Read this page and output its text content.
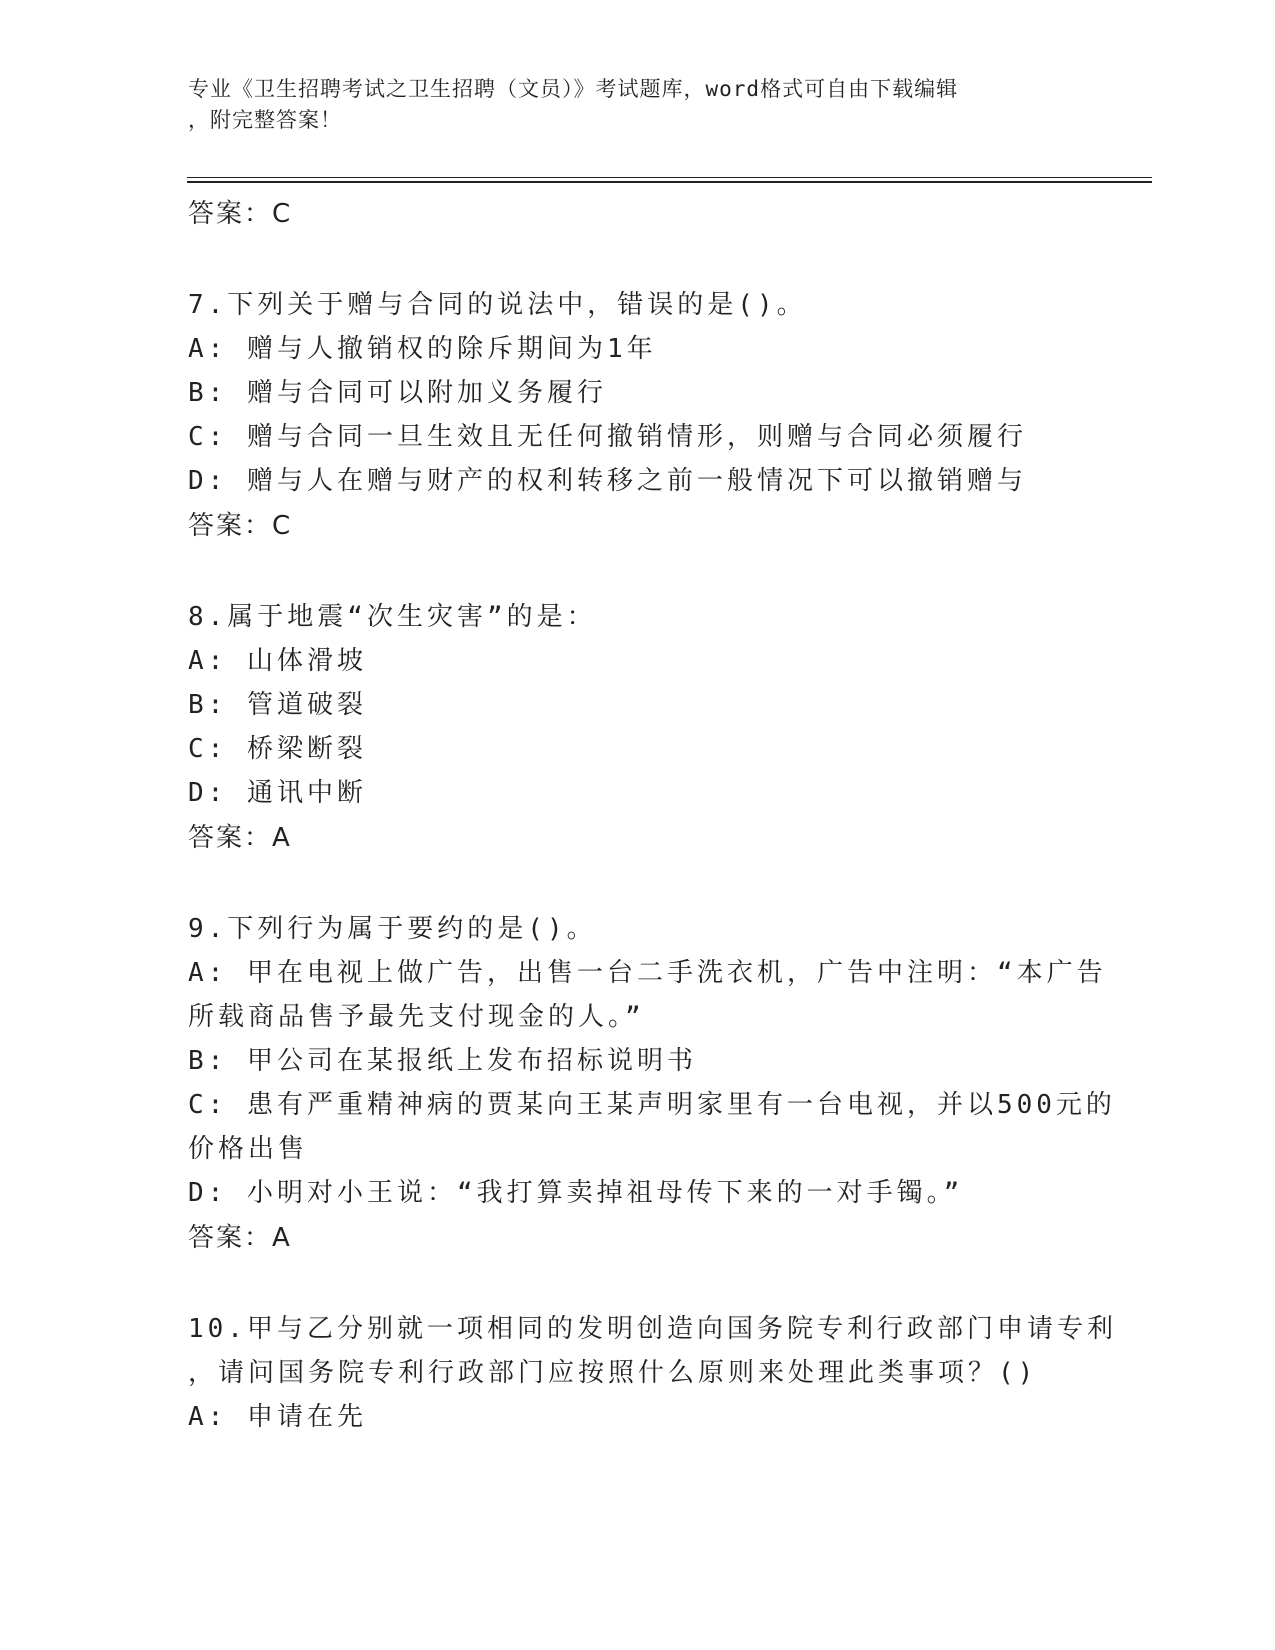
专业《卫生招聘考试之卫生招聘（文员）》考试题库，word格式可自由下载编辑
，附完整答案！
答案：C
7.下列关于赠与合同的说法中，错误的是()。
A: 赠与人撤销权的除斥期间为1年
B: 赠与合同可以附加义务履行
C: 赠与合同一旦生效且无任何撤销情形，则赠与合同必须履行
D: 赠与人在赠与财产的权利转移之前一般情况下可以撤销赠与
答案：C
8.属于地震“次生灾害”的是：
A: 山体滑坡
B: 管道破裂
C: 桥梁断裂
D: 通讯中断
答案：A
9.下列行为属于要约的是()。
A: 甲在电视上做广告，出售一台二手洗衣机，广告中注明：“本广告
所载商品售予最先支付现金的人。”
B: 甲公司在某报纸上发布招标说明书
C: 患有严重精神病的贾某向王某声明家里有一台电视，并以500元的
价格出售
D: 小明对小王说：“我打算卖掉祖母传下来的一对手镯。”
答案：A
10.甲与乙分别就一项相同的发明创造向国务院专利行政部门申请专利
，请问国务院专利行政部门应按照什么原则来处理此类事项？()
A: 申请在先
